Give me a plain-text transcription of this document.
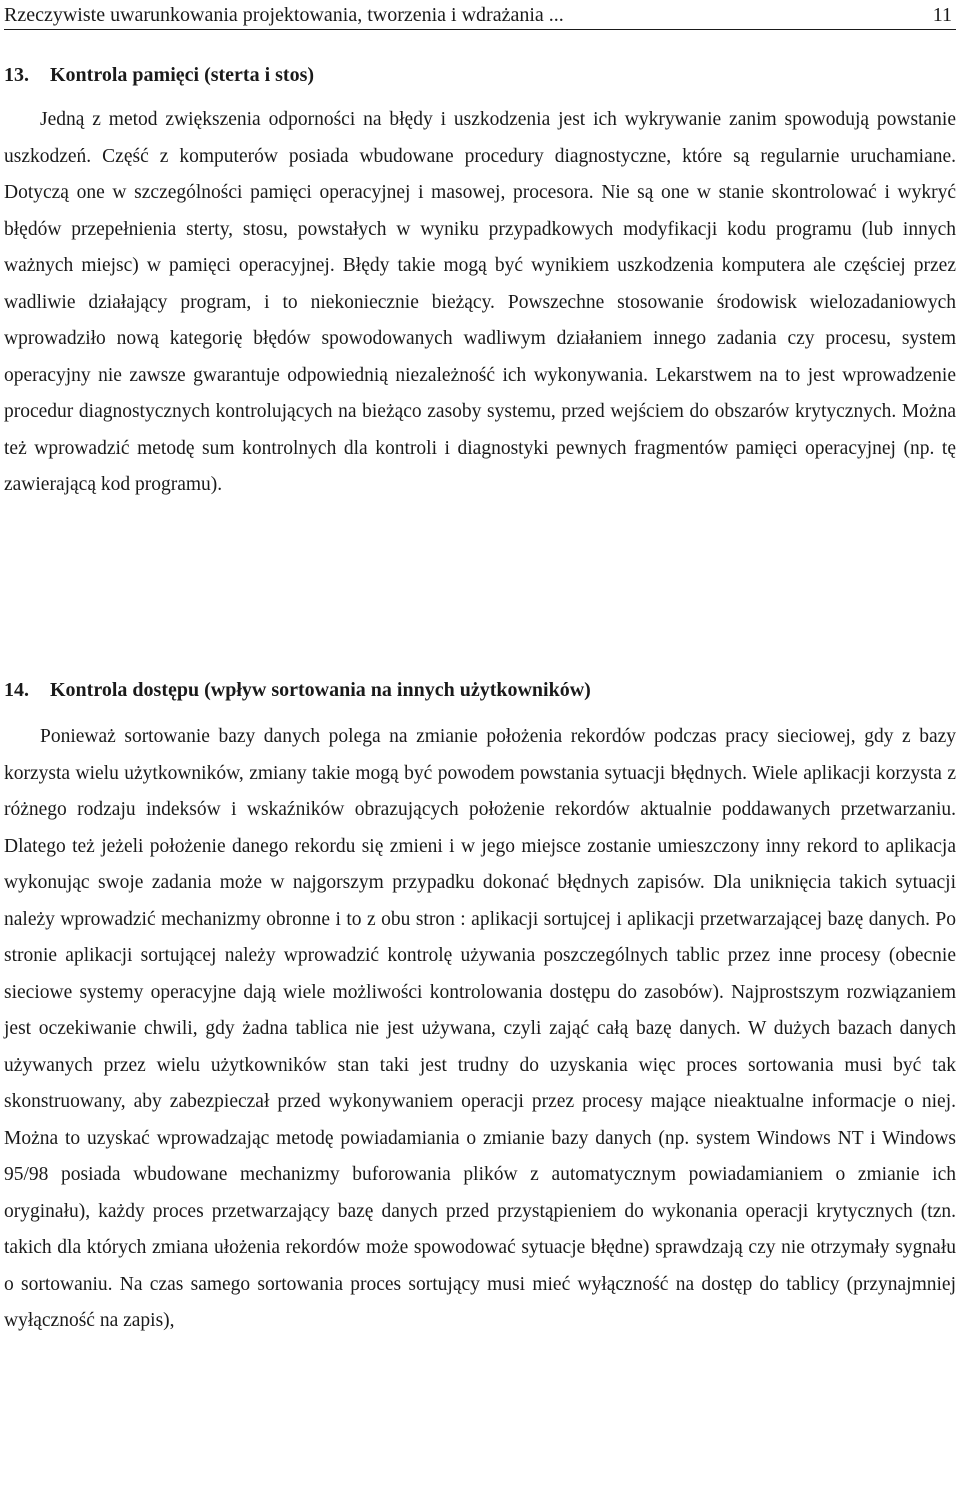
Rzeczywiste uwarunkowania projektowania, tworzenia i wdrażania ...	11
13. Kontrola pamięci (sterta i stos)
Jedną z metod zwiększenia odporności na błędy i uszkodzenia jest ich wykrywanie zanim spowodują powstanie uszkodzeń. Część z komputerów posiada wbudowane procedury diagnostyczne, które są regularnie uruchamiane. Dotyczą one w szczególności pamięci operacyjnej i masowej, procesora. Nie są one w stanie skontrolować i wykryć błędów przepełnienia sterty, stosu, powstałych w wyniku przypadkowych modyfikacji kodu programu (lub innych ważnych miejsc) w pamięci operacyjnej. Błędy takie mogą być wynikiem uszkodzenia komputera ale częściej przez wadliwie działający program, i to niekoniecznie bieżący. Powszechne stosowanie środowisk wielozadaniowych wprowadziło nową kategorię błędów spowodowanych wadliwym działaniem innego zadania czy procesu, system operacyjny nie zawsze gwarantuje odpowiednią niezależność ich wykonywania. Lekarstwem na to jest wprowadzenie procedur diagnostycznych kontrolujących na bieżąco zasoby systemu, przed wejściem do obszarów krytycznych. Można też wprowadzić metodę sum kontrolnych dla kontroli i diagnostyki pewnych fragmentów pamięci operacyjnej (np. tę zawierającą kod programu).
14. Kontrola dostępu (wpływ sortowania na innych użytkowników)
Ponieważ sortowanie bazy danych polega na zmianie położenia rekordów podczas pracy sieciowej, gdy z bazy korzysta wielu użytkowników, zmiany takie mogą być powodem powstania sytuacji błędnych. Wiele aplikacji korzysta z różnego rodzaju indeksów i wskaźników obrazujących położenie rekordów aktualnie poddawanych przetwarzaniu. Dlatego też jeżeli położenie danego rekordu się zmieni i w jego miejsce zostanie umieszczony inny rekord to aplikacja wykonując swoje zadania może w najgorszym przypadku dokonać błędnych zapisów. Dla uniknięcia takich sytuacji należy wprowadzić mechanizmy obronne i to z obu stron : aplikacji sortujcej i aplikacji przetwarzającej bazę danych. Po stronie aplikacji sortującej należy wprowadzić kontrolę używania poszczególnych tablic przez inne procesy (obecnie sieciowe systemy operacyjne dają wiele możliwości kontrolowania dostępu do zasobów). Najprostszym rozwiązaniem jest oczekiwanie chwili, gdy żadna tablica nie jest używana, czyli zająć całą bazę danych. W dużych bazach danych używanych przez wielu użytkowników stan taki jest trudny do uzyskania więc proces sortowania musi być tak skonstruowany, aby zabezpieczał przed wykonywaniem operacji przez procesy mające nieaktualne informacje o niej. Można to uzyskać wprowadzając metodę powiadamiania o zmianie bazy danych (np. system Windows NT i Windows 95/98 posiada wbudowane mechanizmy buforowania plików z automatycznym powiadamianiem o zmianie ich oryginału), każdy proces przetwarzający bazę danych przed przystąpieniem do wykonania operacji krytycznych (tzn. takich dla których zmiana ułożenia rekordów może spowodować sytuacje błędne) sprawdzają czy nie otrzymały sygnału o sortowaniu. Na czas samego sortowania proces sortujący musi mieć wyłączność na dostęp do tablicy (przynajmniej wyłączność na zapis),
